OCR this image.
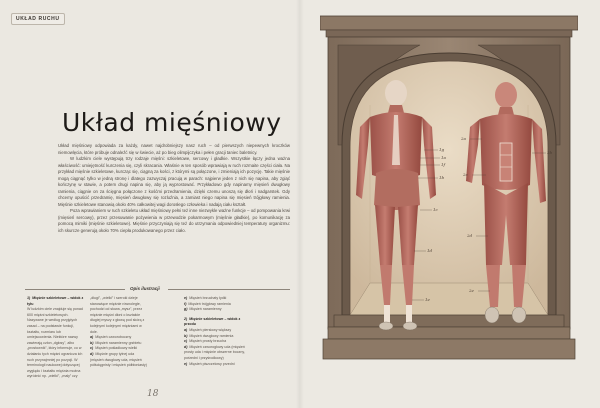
UKŁAD RUCHU
Układ mięśniowy

Układ mięśniowy odpowiada za każdy, nawet najdrobniejszy nasz ruch – od pierwszych niepewnych kroczków niemowlęcia, które próbuje odnaleźć się w świecie, aż po bieg olimpijczyka i pełen gracji taniec baletnicy.

W ludzkim ciele występują trzy rodzaje mięśni: szkieletowe, sercowy i gładkie. Wszystkie łączy jedna ważna właściwość: umiejętność kurczenia się, czyli skracania. Właśnie w ten sposób wprawiają w ruch rozmaite części ciała. Na przykład mięśnie szkieletowe, kurcząc się, ciągną za kości, z którymi są połączone, i zmieniają ich pozycję. Takie mięśnie mogą ciągnąć tylko w jedną stronę i dlatego zazwyczaj pracują w parach: najpierw jeden z nich się napina, aby zgiąć kończynę w stawie, a potem drugi napina się, aby ją wyprostować. Przykładowo gdy napinamy mięsień dwugłowy ramienia, ciągnie on za ścięgna połączone z kośćmi przedramienia, dzięki czemu unoszą się dłoń i nadgarstek. Gdy chcemy opuścić przedramię, mięsień dwugłowy się rozluźnia, a zamiast niego napina się mięsień trójgłowy ramienia. Mięśnie szkieletowe stanowią około 40% całkowitej wagi dorosłego człowieka i nadają ciału kształt.

Poza wprawianiem w ruch szkieletu układ mięśniowy pełni też inne niezwykle ważne funkcje – od pompowania krwi (mięsień sercowy), przez przesuwanie pożywienia w przewodzie pokarmowym (mięśnie gładkie), po komunikację za pomocą mimiki (mięśnie szkieletowe). Mięśnie przyczyniają się też do utrzymania odpowiedniej temperatury organizmu: ich skurcze generują około 70% ciepła produkowanego przez ciało.

Opis ilustracji
1) Mięśnie szkieletowe – widok z tyłu
W ludzkim ciele znajduje się ponad 600 mięśni szkieletowych. Nazywane je według przyjętych zasad – na podstawie funkcji, kształtu, rozmiaru lub umiejscowienia. Niektóre nazwy zawierają człon „dgłosy”, albo „prostownik”, który informuje, co w działaniu tych mięśni ogranicza ich ruch przynajmniej po pozycji. W terminologii naukowej dotyczącej wyglądu i kształtu mięśnia można wyróżnić np. „wielki”, „mały” czy
„długi”, „wielki” i szeroki dzieje stanowiące mięśnie równoległe, pochodzi od słowa „mysz”, przez mięśnie mięśni dłoni o kształcie długiej myszy z głową pod skórą z kolejnymi kolejnymi mięśniami w dole.
a) Mięsień czworoboczny
b) Mięsień naramienny grzbietu
c) Mięsień pośladkowy wielki
d) Mięśnie grupy tylnej uda (mięsień dwugłowy uda, mięsień półścięgnisty i mięsień półbłoniasty)
e) Mięsień brzuchaty łydki
f) Mięsień trójgłowy ramienia
g) Mięsień naramienny
2) Mięśnie szkieletowe – widok z przodu
a) Mięsień piersiowy większy
b) Mięsień dwugłowy ramienia
c) Mięsień prosty brzucha
d) Mięsień czworogłowy uda (mięsień prosty uda i mięśnie obszerne boczny, pośredni i przyśrodkowy)
e) Mięsień piszczelowy przedni
18
1g
1a
1f
1b
1c
1d
1e
2a
2b
2c
2d
2e
